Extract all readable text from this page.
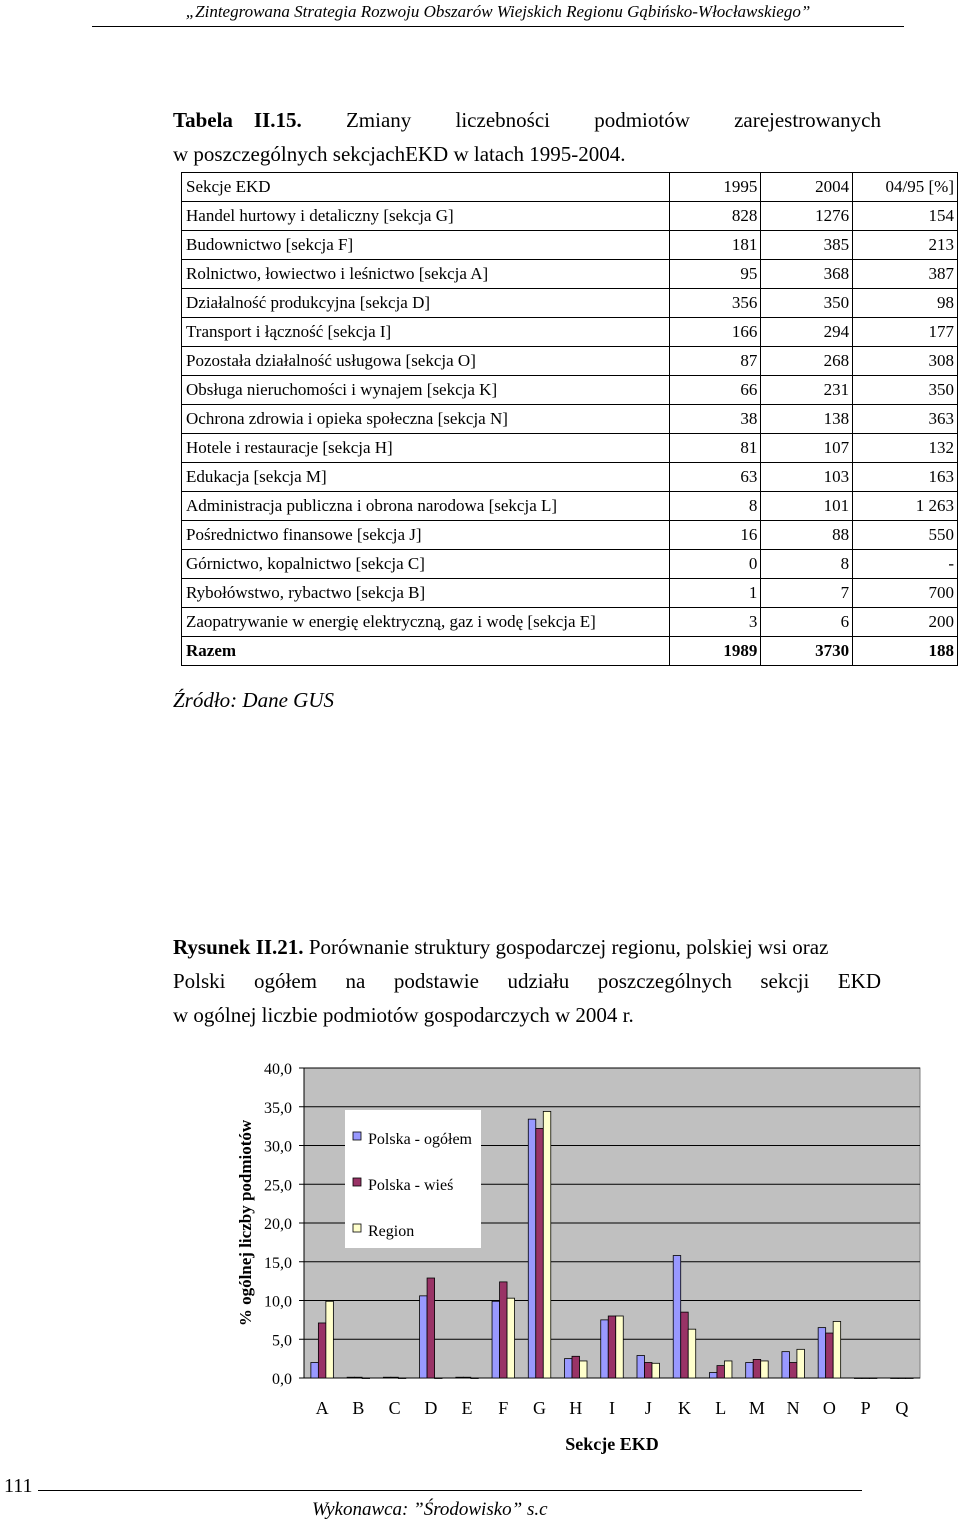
„Zintegrowana Strategia Rozwoju Obszarów Wiejskich Regionu Gąbińsko-Włocławskiego”
Tabela II.15. Zmiany liczebności podmiotów zarejestrowanych
w poszczególnych sekcjachEKD w latach 1995-2004.
Sekcje EKD	1995	2004	04/95 [%]
Handel hurtowy i detaliczny [sekcja G]	828	1276	154
Budownictwo [sekcja F]	181	385	213
Rolnictwo, łowiectwo i leśnictwo [sekcja A]	95	368	387
Działalność produkcyjna [sekcja D]	356	350	98
Transport i łączność [sekcja I]	166	294	177
Pozostała działalność usługowa [sekcja O]	87	268	308
Obsługa nieruchomości i wynajem [sekcja K]	66	231	350
Ochrona zdrowia i opieka społeczna [sekcja N]	38	138	363
Hotele i restauracje [sekcja H]	81	107	132
Edukacja [sekcja M]	63	103	163
Administracja publiczna i obrona narodowa [sekcja L]	8	101	1 263
Pośrednictwo finansowe [sekcja J]	16	88	550
Górnictwo, kopalnictwo [sekcja C]	0	8	-
Rybołówstwo, rybactwo [sekcja B]	1	7	700
Zaopatrywanie w energię elektryczną, gaz i wodę [sekcja E]	3	6	200
Razem	1989	3730	188
Źródło: Dane GUS
Rysunek II.21. Porównanie struktury gospodarczej regionu, polskiej wsi oraz
Polski ogółem na podstawie udziału poszczególnych sekcji EKD
w ogólnej liczbie podmiotów gospodarczych w 2004 r.
0,0
5,0
10,0
15,0
20,0
25,0
30,0
35,0
40,0
A B C D E F G H I J K L M N O P Q
Polska - ogółem
Polska - wieś
Region
% ogólnej liczby podmiotów
Sekcje EKD
111
Wykonawca: ”Środowisko” s.c
